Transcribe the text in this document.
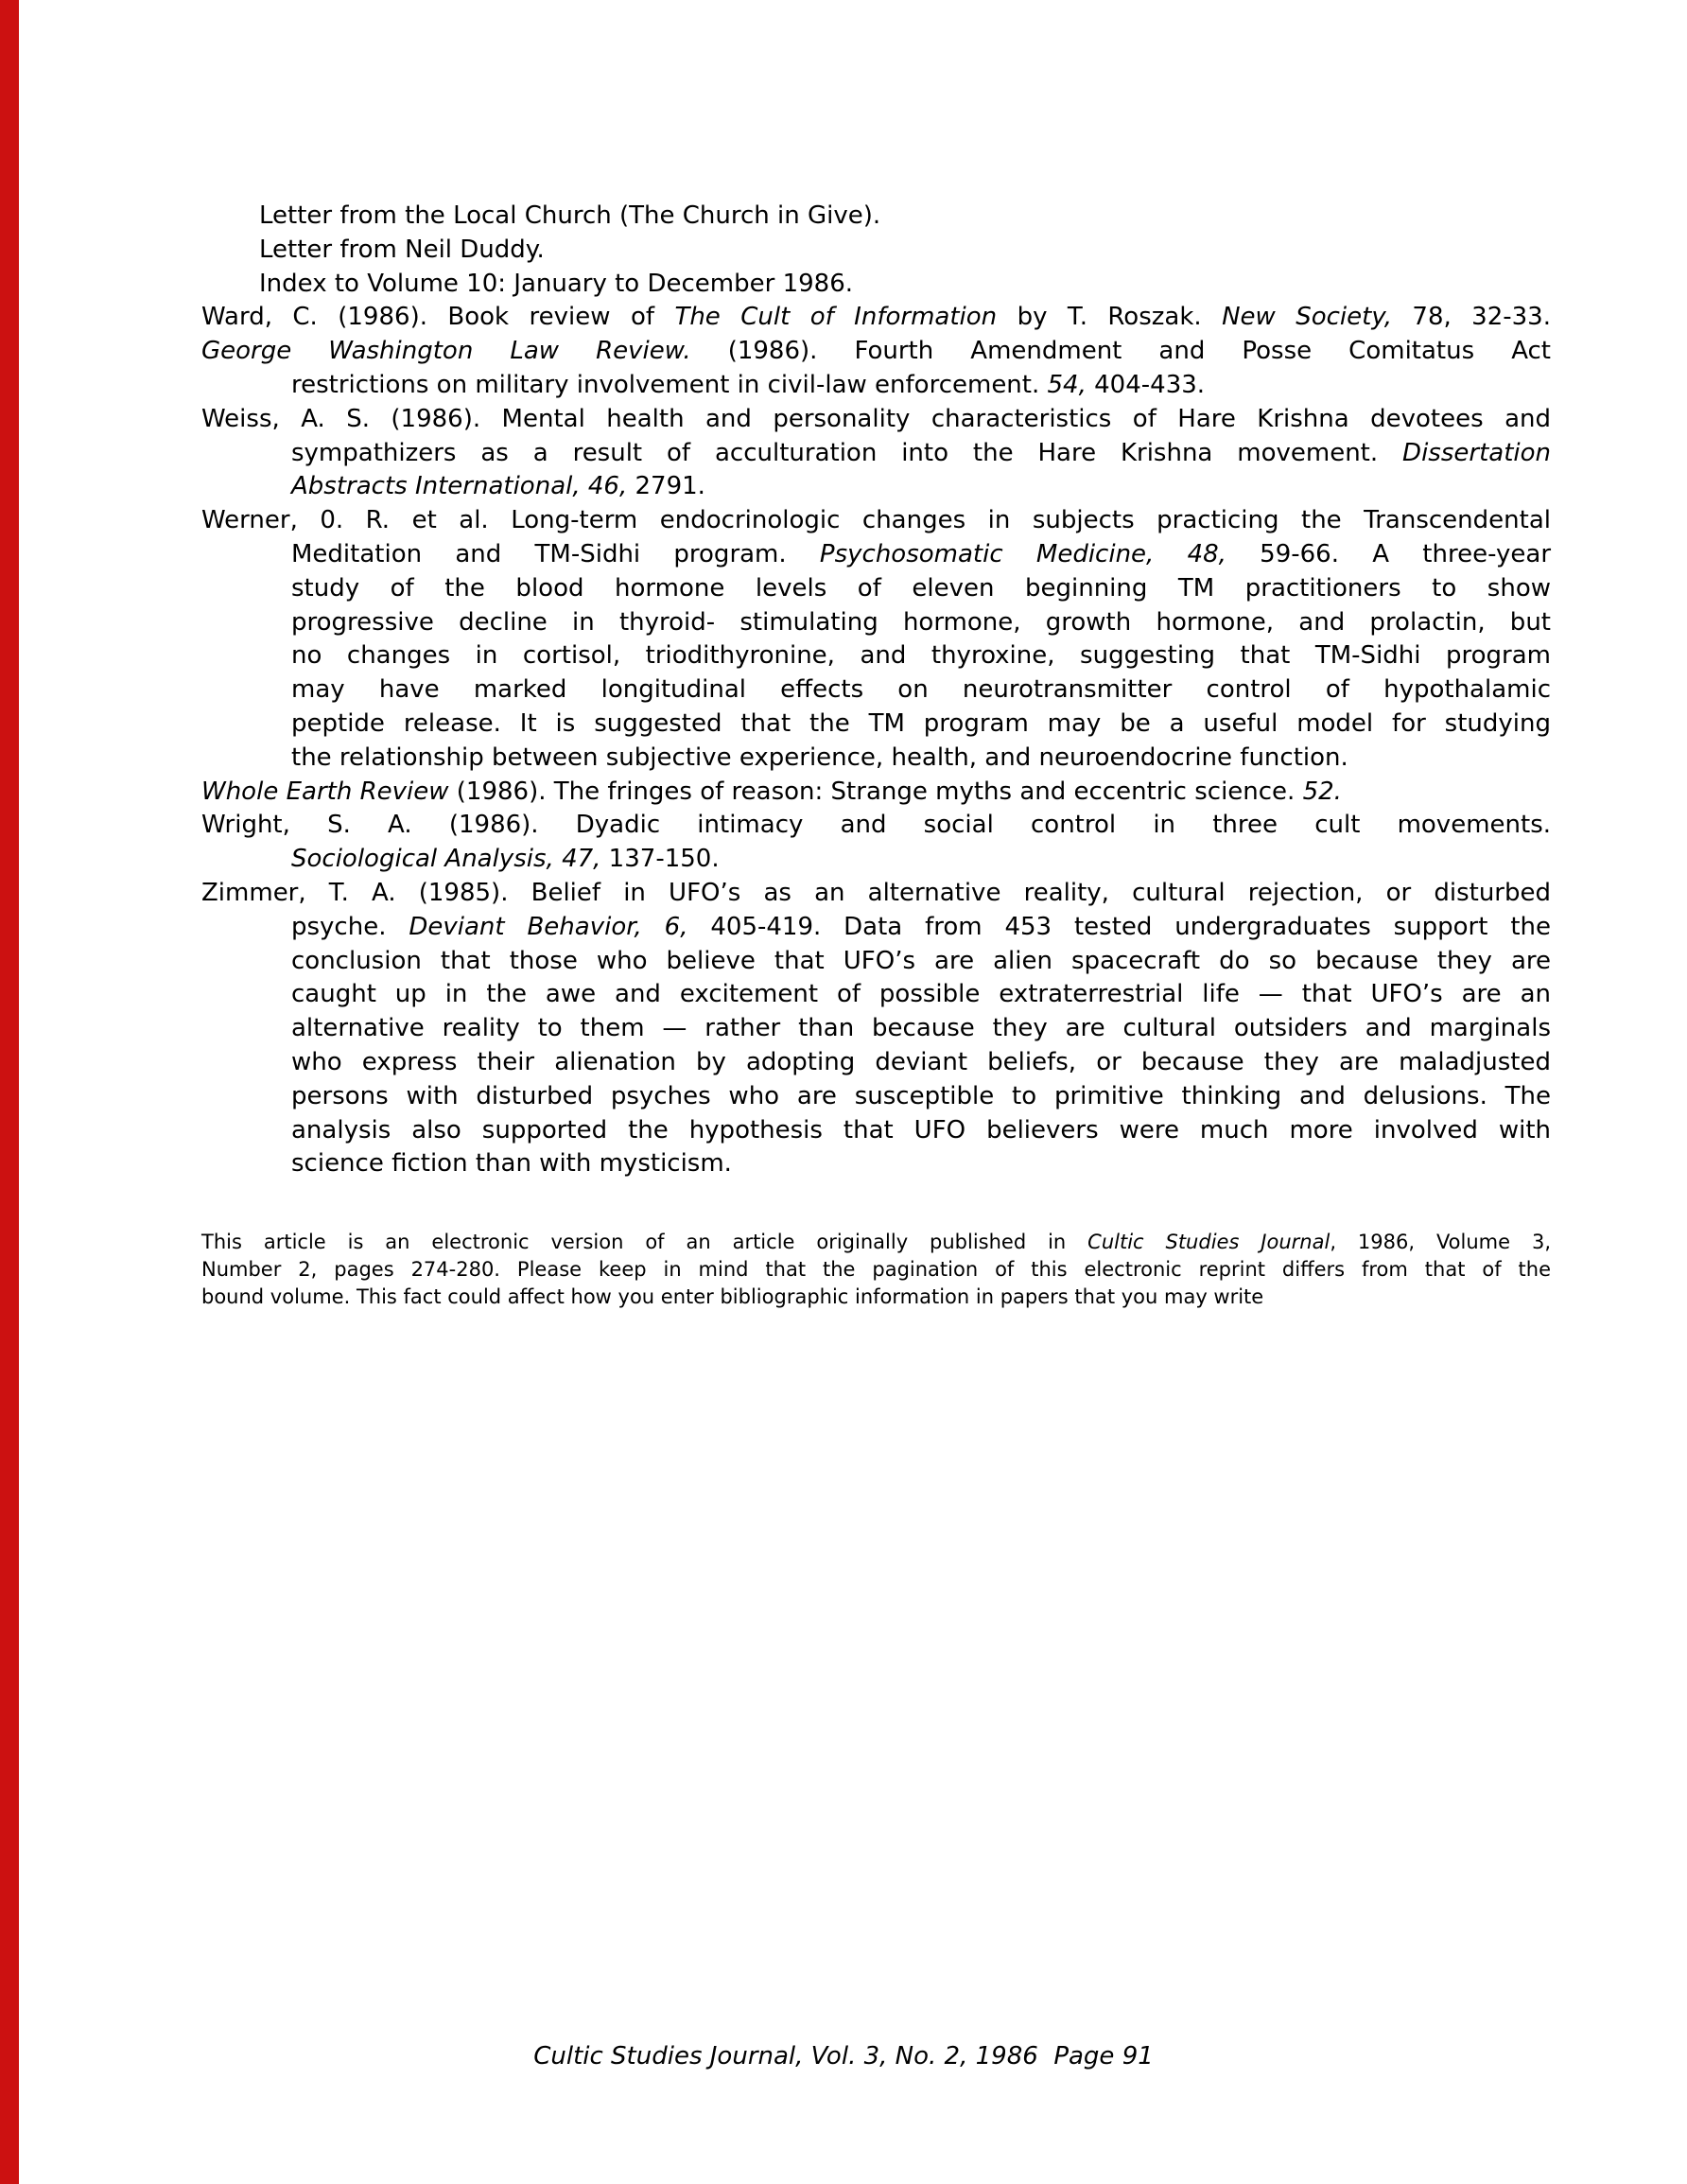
Letter from the Local Church (The Church in Give).
Letter from Neil Duddy.
Index to Volume 10: January to December 1986.
Ward, C. (1986). Book review of The Cult of Information by T. Roszak. New Society, 78, 32-33.
George Washington Law Review. (1986). Fourth Amendment and Posse Comitatus Act
restrictions on military involvement in civil-law enforcement. 54, 404-433.
Weiss, A. S. (1986). Mental health and personality characteristics of Hare Krishna devotees and
sympathizers as a result of acculturation into the Hare Krishna movement. Dissertation
Abstracts International, 46, 2791.
Werner, 0. R. et al. Long-term endocrinologic changes in subjects practicing the Transcendental
Meditation and TM-Sidhi program. Psychosomatic Medicine, 48, 59-66. A three-year
study of the blood hormone levels of eleven beginning TM practitioners to show
progressive decline in thyroid- stimulating hormone, growth hormone, and prolactin, but
no changes in cortisol, triodithyronine, and thyroxine, suggesting that TM-Sidhi program
may have marked longitudinal effects on neurotransmitter control of hypothalamic
peptide release. It is suggested that the TM program may be a useful model for studying
the relationship between subjective experience, health, and neuroendocrine function.
Whole Earth Review (1986). The fringes of reason: Strange myths and eccentric science. 52.
Wright, S. A. (1986). Dyadic intimacy and social control in three cult movements.
Sociological Analysis, 47, 137-150.
Zimmer, T. A. (1985). Belief in UFO’s as an alternative reality, cultural rejection, or disturbed
psyche. Deviant Behavior, 6, 405-419. Data from 453 tested undergraduates support the
conclusion that those who believe that UFO’s are alien spacecraft do so because they are
caught up in the awe and excitement of possible extraterrestrial life — that UFO’s are an
alternative reality to them — rather than because they are cultural outsiders and marginals
who express their alienation by adopting deviant beliefs, or because they are maladjusted
persons with disturbed psyches who are susceptible to primitive thinking and delusions. The
analysis also supported the hypothesis that UFO believers were much more involved with
science fiction than with mysticism.
This article is an electronic version of an article originally published in Cultic Studies Journal, 1986, Volume 3,
Number 2, pages 274-280. Please keep in mind that the pagination of this electronic reprint differs from that of the
bound volume. This fact could affect how you enter bibliographic information in papers that you may write
Cultic Studies Journal, Vol. 3, No. 2, 1986  Page 91
